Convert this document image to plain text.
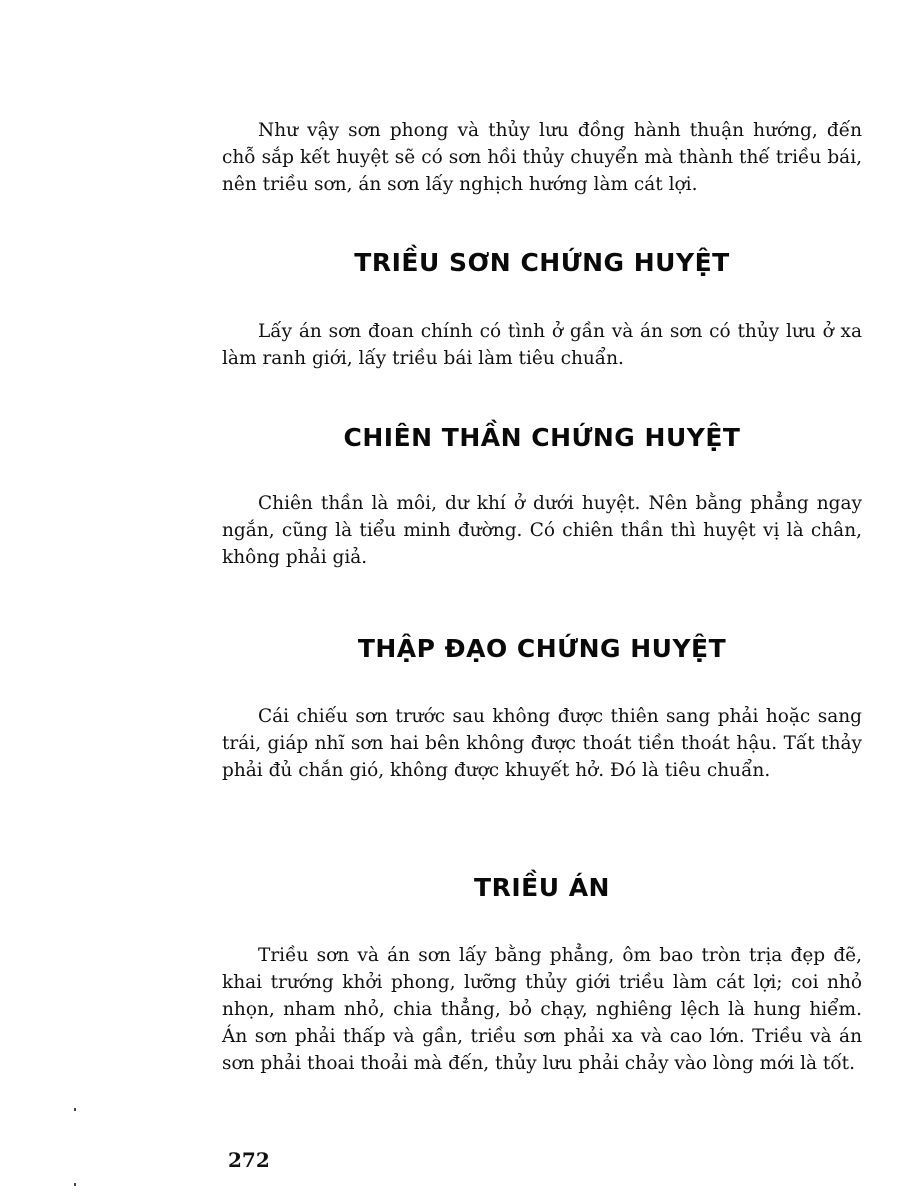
Như vậy sơn phong và thủy lưu đồng hành thuận hướng, đến chỗ sắp kết huyệt sẽ có sơn hồi thủy chuyển mà thành thế triều bái, nên triều sơn, án sơn lấy nghịch hướng làm cát lợi.

TRIỀU SƠN CHỨNG HUYỆT

Lấy án sơn đoan chính có tình ở gần và án sơn có thủy lưu ở xa làm ranh giới, lấy triều bái làm tiêu chuẩn.

CHIÊN THẦN CHỨNG HUYỆT

Chiên thần là môi, dư khí ở dưới huyệt. Nên bằng phẳng ngay ngắn, cũng là tiểu minh đường. Có chiên thần thì huyệt vị là chân, không phải giả.

THẬP ĐẠO CHỨNG HUYỆT

Cái chiếu sơn trước sau không được thiên sang phải hoặc sang trái, giáp nhĩ sơn hai bên không được thoát tiền thoát hậu. Tất thảy phải đủ chắn gió, không được khuyết hở. Đó là tiêu chuẩn.

TRIỀU ÁN

Triều sơn và án sơn lấy bằng phẳng, ôm bao tròn trịa đẹp đẽ, khai trướng khởi phong, lưỡng thủy giới triều làm cát lợi; coi nhỏ nhọn, nham nhỏ, chia thẳng, bỏ chạy, nghiêng lệch là hung hiểm. Án sơn phải thấp và gần, triều sơn phải xa và cao lớn. Triều và án sơn phải thoai thoải mà đến, thủy lưu phải chảy vào lòng mới là tốt.

272
